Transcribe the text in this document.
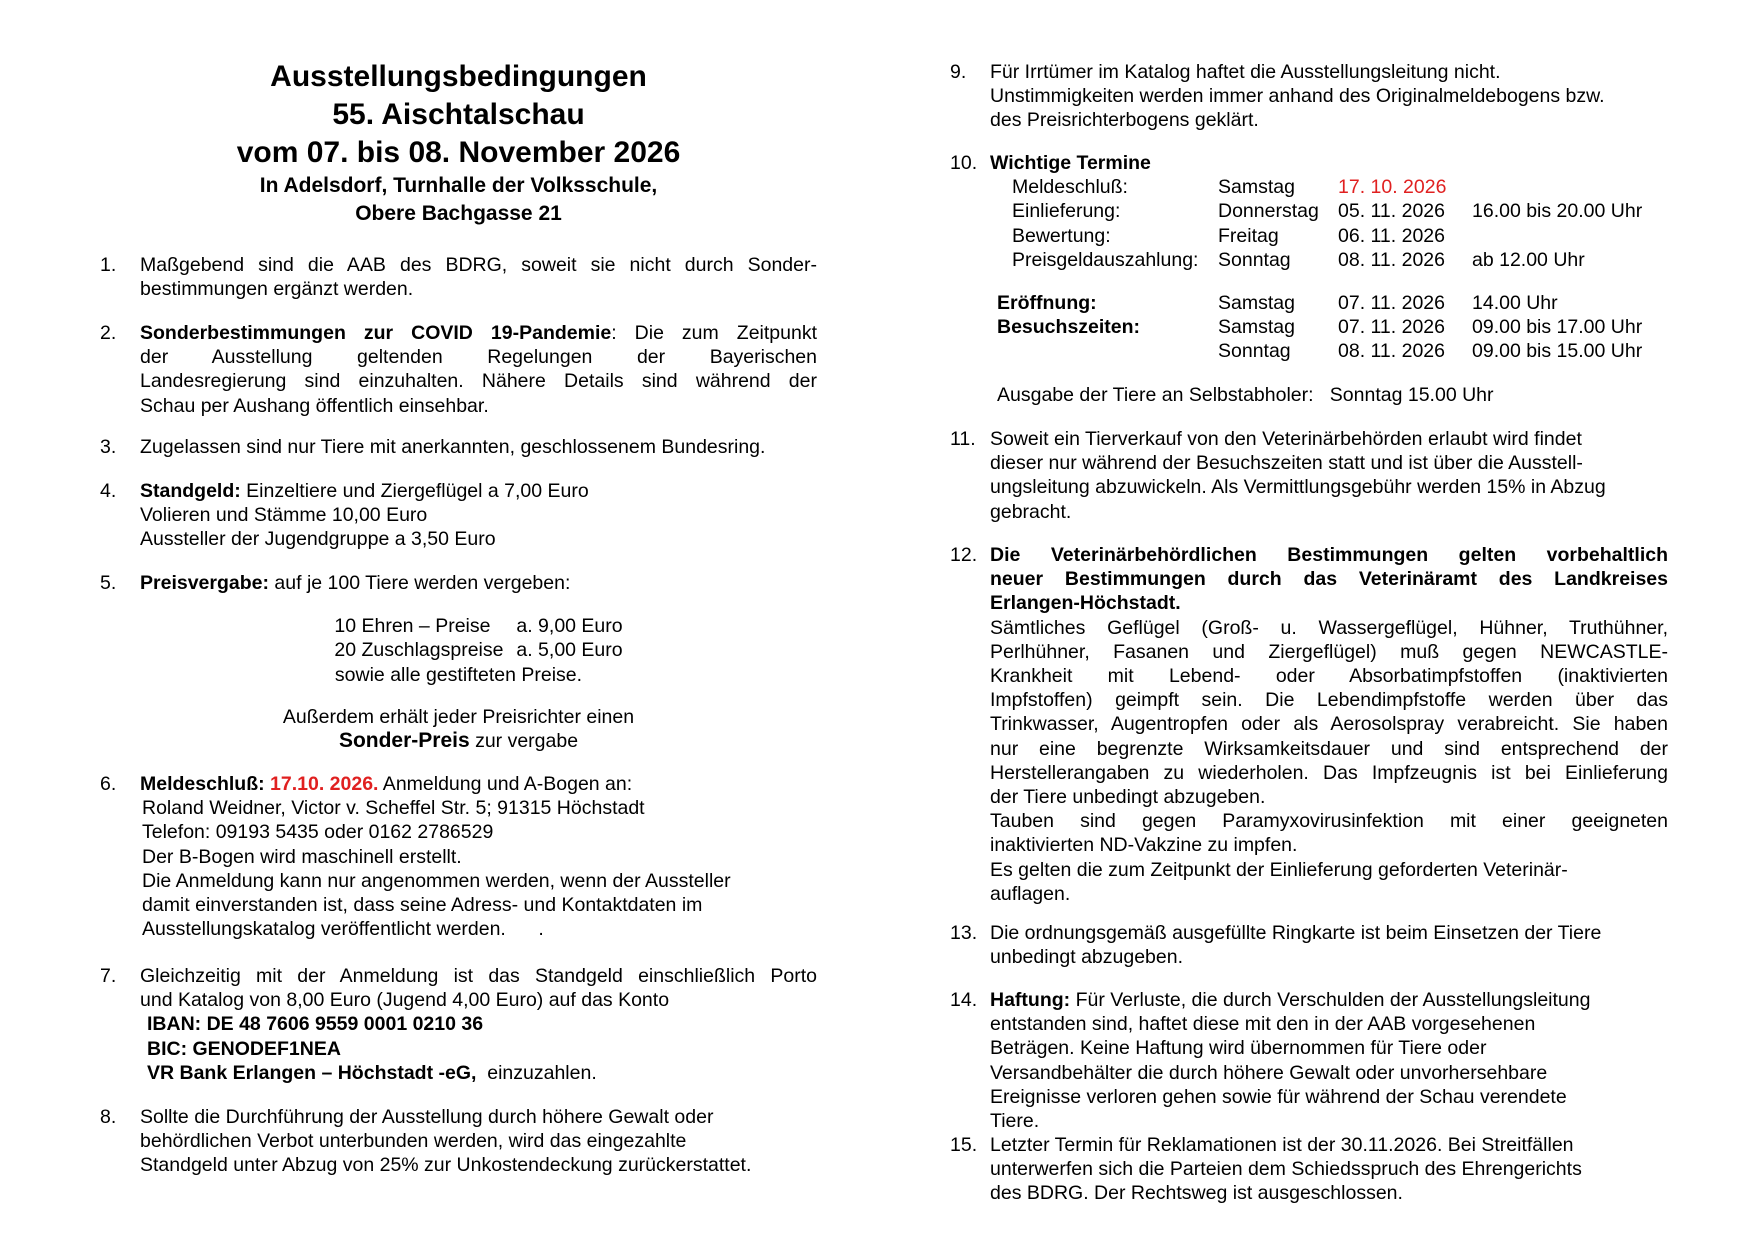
Ausstellungsbedingungen
55. Aischtalschau
vom 07. bis 08. November 2026
In Adelsdorf, Turnhalle der Volksschule,
Obere Bachgasse 21
1. Maßgebend sind die AAB des BDRG, soweit sie nicht durch Sonder-
bestimmungen ergänzt werden.
2. Sonderbestimmungen zur COVID 19-Pandemie: Die zum Zeitpunkt
der Ausstellung geltenden Regelungen der Bayerischen
Landesregierung sind einzuhalten. Nähere Details sind während der
Schau per Aushang öffentlich einsehbar.
3. Zugelassen sind nur Tiere mit anerkannten, geschlossenem Bundesring.
4. Standgeld: Einzeltiere und Ziergeflügel a 7,00 Euro
Volieren und Stämme 10,00 Euro
Aussteller der Jugendgruppe a 3,50 Euro
5. Preisvergabe: auf je 100 Tiere werden vergeben:
10 Ehren – Preise	a. 9,00 Euro
20 Zuschlagspreise a. 5,00 Euro
sowie alle gestifteten Preise.
Außerdem erhält jeder Preisrichter einen
Sonder-Preis zur vergabe
6. Meldeschluß: 17.10. 2026. Anmeldung und A-Bogen an:
Roland Weidner, Victor v. Scheffel Str. 5; 91315 Höchstadt
Telefon: 09193 5435 oder 0162 2786529
Der B-Bogen wird maschinell erstellt.
Die Anmeldung kann nur angenommen werden, wenn der Aussteller
damit einverstanden ist, dass seine Adress- und Kontaktdaten im
Ausstellungskatalog veröffentlicht werden.      .
7. Gleichzeitig mit der Anmeldung ist das Standgeld einschließlich Porto
und Katalog von 8,00 Euro (Jugend 4,00 Euro) auf das Konto
IBAN: DE 48 7606 9559 0001 0210 36
BIC: GENODEF1NEA
VR Bank Erlangen – Höchstadt -eG,  einzuzahlen.
8. Sollte die Durchführung der Ausstellung durch höhere Gewalt oder
behördlichen Verbot unterbunden werden, wird das eingezahlte
Standgeld unter Abzug von 25% zur Unkostendeckung zurückerstattet.
9. Für Irrtümer im Katalog haftet die Ausstellungsleitung nicht.
Unstimmigkeiten werden immer anhand des Originalmeldebogens bzw.
des Preisrichterbogens geklärt.
10. Wichtige Termine
Meldeschluß:	Samstag	17. 10. 2026
Einlieferung:	Donnerstag 05. 11. 2026	16.00 bis 20.00 Uhr
Bewertung:	Freitag	06. 11. 2026
Preisgeldauszahlung:	Sonntag	08. 11. 2026	ab 12.00 Uhr
Eröffnung:	Samstag	07. 11. 2026	14.00 Uhr
Besuchszeiten:	Samstag	07. 11. 2026	09.00 bis 17.00 Uhr
Sonntag	08. 11. 2026	09.00 bis 15.00 Uhr
Ausgabe der Tiere an Selbstabholer:   Sonntag 15.00 Uhr
11. Soweit ein Tierverkauf von den Veterinärbehörden erlaubt wird findet
dieser nur während der Besuchszeiten statt und ist über die Ausstell-
ungsleitung abzuwickeln. Als Vermittlungsgebühr werden 15% in Abzug
gebracht.
12. Die Veterinärbehördlichen Bestimmungen gelten vorbehaltlich
neuer Bestimmungen durch das Veterinäramt des Landkreises
Erlangen-Höchstadt.
Sämtliches Geflügel (Groß- u. Wassergeflügel, Hühner, Truthühner,
Perlhühner, Fasanen und Ziergeflügel) muß gegen NEWCASTLE-
Krankheit mit Lebend- oder Absorbatimpfstoffen (inaktivierten
Impfstoffen) geimpft sein. Die Lebendimpfstoffe werden über das
Trinkwasser, Augentropfen oder als Aerosolspray verabreicht. Sie haben
nur eine begrenzte Wirksamkeitsdauer und sind entsprechend der
Herstellerangaben zu wiederholen. Das Impfzeugnis ist bei Einlieferung
der Tiere unbedingt abzugeben.
Tauben sind gegen Paramyxovirusinfektion mit einer geeigneten
inaktivierten ND-Vakzine zu impfen.
Es gelten die zum Zeitpunkt der Einlieferung geforderten Veterinär-
auflagen.
13. Die ordnungsgemäß ausgefüllte Ringkarte ist beim Einsetzen der Tiere
unbedingt abzugeben.
14. Haftung: Für Verluste, die durch Verschulden der Ausstellungsleitung
entstanden sind, haftet diese mit den in der AAB vorgesehenen
Beträgen. Keine Haftung wird übernommen für Tiere oder
Versandbehälter die durch höhere Gewalt oder unvorhersehbare
Ereignisse verloren gehen sowie für während der Schau verendete
Tiere.
15. Letzter Termin für Reklamationen ist der 30.11.2026. Bei Streitfällen
unterwerfen sich die Parteien dem Schiedsspruch des Ehrengerichts
des BDRG. Der Rechtsweg ist ausgeschlossen.
